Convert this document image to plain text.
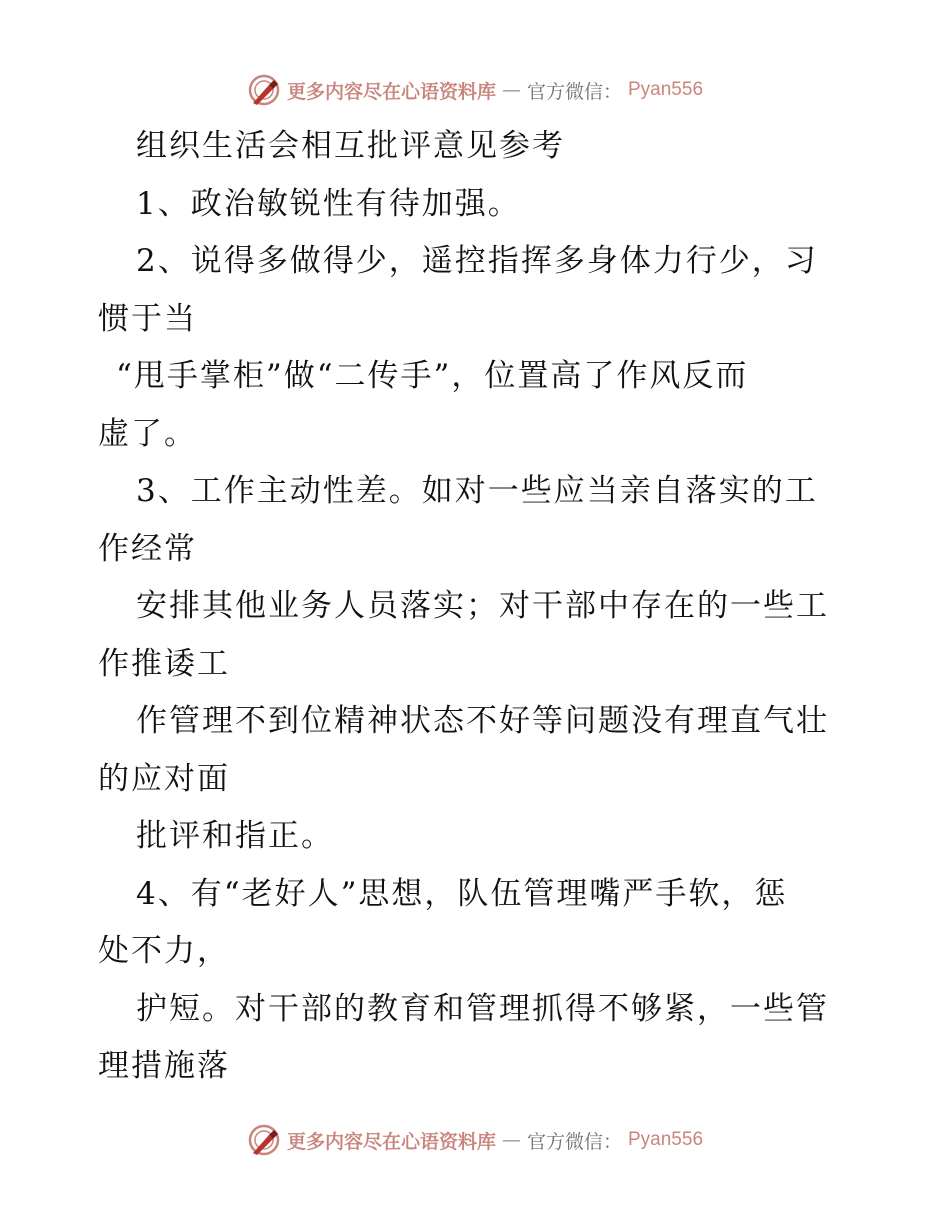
更多内容尽在心语资料库 — 官方微信： Pyan556
组织生活会相互批评意见参考
1、政治敏锐性有待加强。
2、说得多做得少，遥控指挥多身体力行少，习
惯于当
“甩手掌柜”做“二传手”，位置高了作风反而
虚了。
3、工作主动性差。如对一些应当亲自落实的工
作经常
安排其他业务人员落实；对干部中存在的一些工
作推诿工
作管理不到位精神状态不好等问题没有理直气壮
的应对面
批评和指正。
4、有“老好人”思想，队伍管理嘴严手软，惩
处不力，
护短。对干部的教育和管理抓得不够紧，一些管
理措施落
更多内容尽在心语资料库 — 官方微信： Pyan556
